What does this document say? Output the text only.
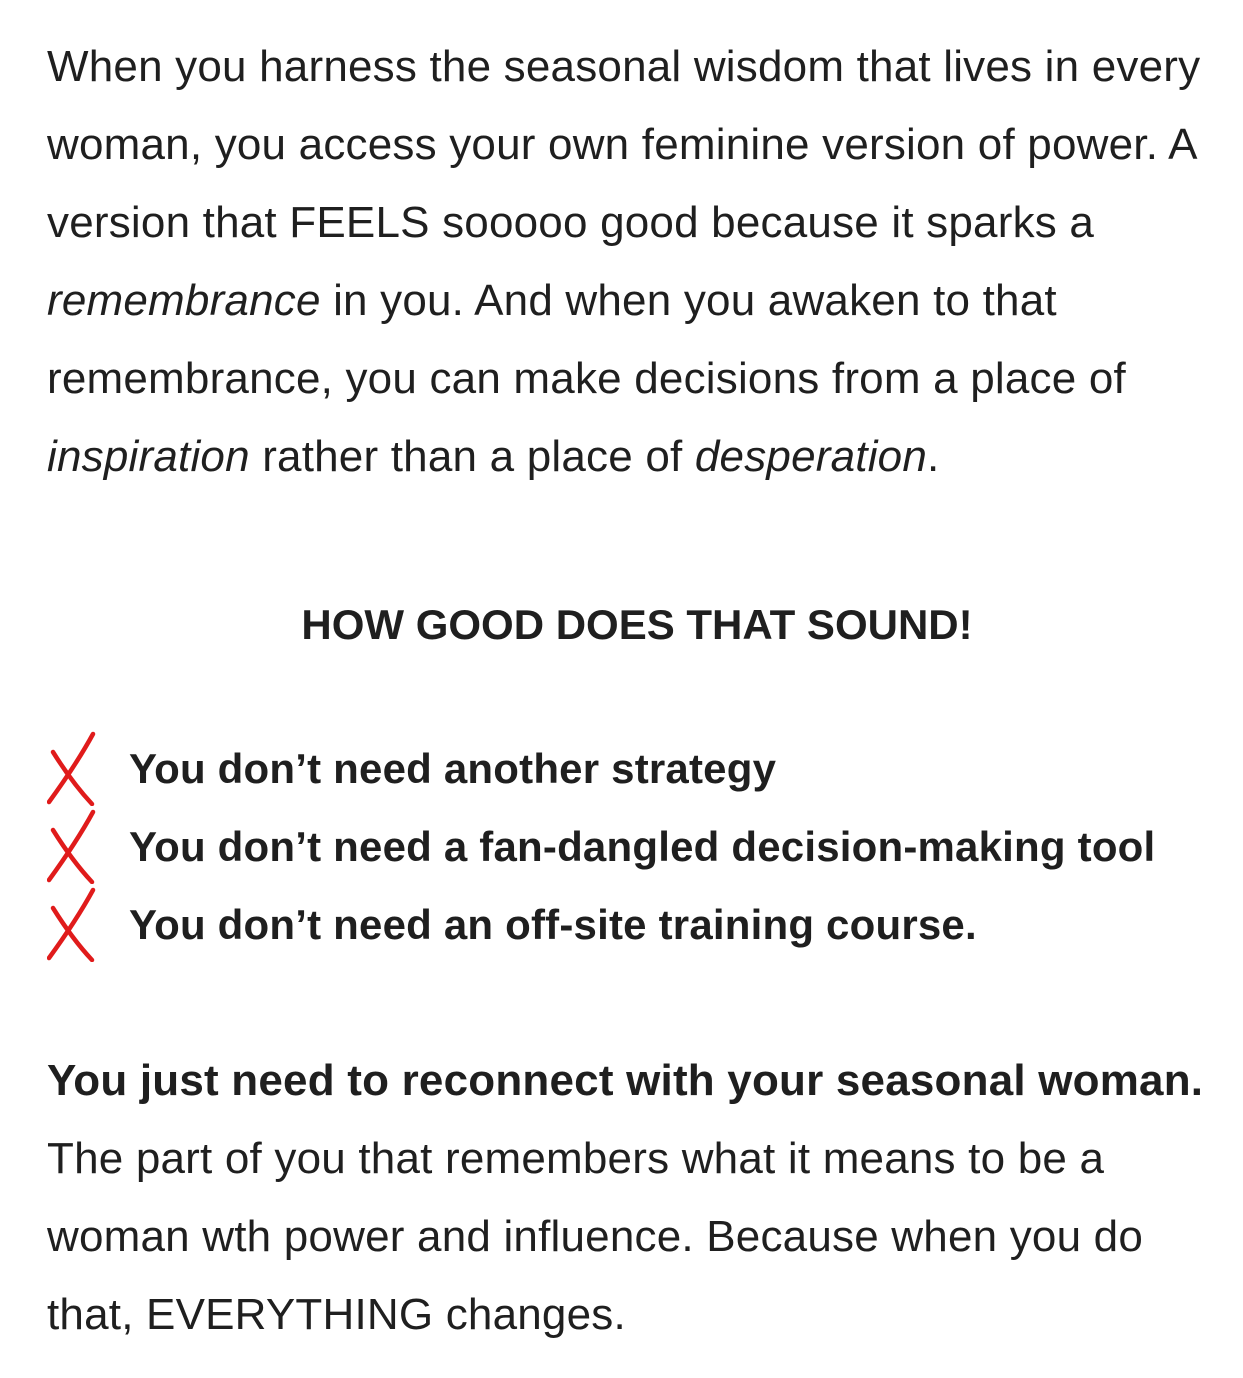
When you harness the seasonal wisdom that lives in every woman, you access your own feminine version of power. A version that FEELS sooooo good because it sparks a remembrance in you. And when you awaken to that remembrance, you can make decisions from a place of inspiration rather than a place of desperation.

HOW GOOD DOES THAT SOUND!

You don’t need another strategy
You don’t need a fan-dangled decision-making tool
You don’t need an off-site training course.

You just need to reconnect with your seasonal woman. The part of you that remembers what it means to be a woman wth power and influence. Because when you do that, EVERYTHING changes.
